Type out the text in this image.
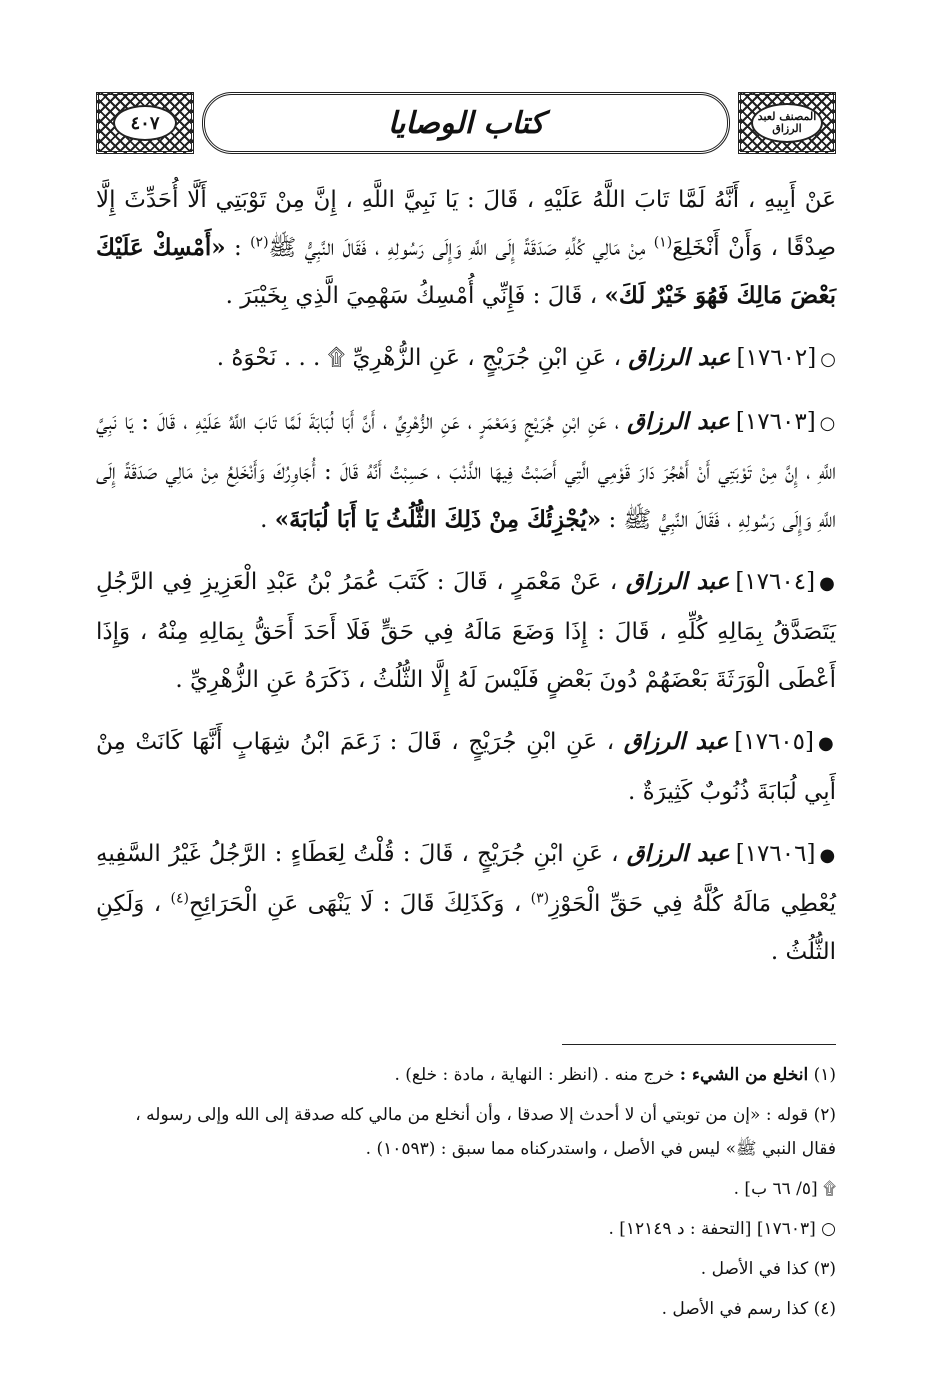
٤٠٧	كتاب الوصايا	المصنف لعبد الرزاق

عَنْ أَبِيهِ ، أَنَّهُ لَمَّا تَابَ اللَّهُ عَلَيْهِ ، قَالَ : يَا نَبِيَّ اللَّهِ ، إِنَّ مِنْ تَوْبَتِي أَلَّا أُحَدِّثَ إِلَّا صِدْقًا ، وَأَنْ أَنْخَلِعَ$^{(١)}$ مِنْ مَالِي كُلِّهِ صَدَقَةً إِلَى اللَّهِ وَإِلَى رَسُولِهِ ، فَقَالَ النَّبِيُّ ﷺ$^{(٢)}$ : «أَمْسِكْ عَلَيْكَ بَعْضَ مَالِكَ فَهُوَ خَيْرٌ لَكَ» ، قَالَ : فَإِنِّي أُمْسِكُ سَهْمِيَ الَّذِي بِخَيْبَرَ .

○[١٧٦٠٢]عبد الرزاق ، عَنِ ابْنِ جُرَيْجٍ ، عَنِ الزُّهْرِيِّ ۩ . . . نَحْوَهُ .

○[١٧٦٠٣]عبد الرزاق ، عَنِ ابْنِ جُرَيْجٍ وَمَعْمَرٍ ، عَنِ الزُّهْرِيِّ ، أَنَّ أَبَا لُبَابَةَ لَمَّا تَابَ اللَّهُ عَلَيْهِ ، قَالَ : يَا نَبِيَّ اللَّهِ ، إِنَّ مِنْ تَوْبَتِي أَنْ أَهْجُرَ دَارَ قَوْمِي الَّتِي أَصَبْتُ فِيهَا الذَّنْبَ ، حَسِبْتُ أَنَّهُ قَالَ : أُجَاوِرُكَ وَأَنْخَلِعُ مِنْ مَالِي صَدَقَةً إِلَى اللَّهِ وَإِلَى رَسُولِهِ ، فَقَالَ النَّبِيُّ ﷺ : «يُجْزِئُكَ مِنْ ذَلِكَ الثُّلُثُ يَا أَبَا لُبَابَةَ» .

●[١٧٦٠٤]عبد الرزاق ، عَنْ مَعْمَرٍ ، قَالَ : كَتَبَ عُمَرُ بْنُ عَبْدِ الْعَزِيزِ فِي الرَّجُلِ يَتَصَدَّقُ بِمَالِهِ كُلِّهِ ، قَالَ : إِذَا وَضَعَ مَالَهُ فِي حَقٍّ فَلَا أَحَدَ أَحَقُّ بِمَالِهِ مِنْهُ ، وَإِذَا أَعْطَى الْوَرَثَةَ بَعْضَهُمْ دُونَ بَعْضٍ فَلَيْسَ لَهُ إِلَّا الثُّلُثُ ، ذَكَرَهُ عَنِ الزُّهْرِيِّ .

●[١٧٦٠٥]عبد الرزاق ، عَنِ ابْنِ جُرَيْجٍ ، قَالَ : زَعَمَ ابْنُ شِهَابٍ أَنَّهَا كَانَتْ مِنْ أَبِي لُبَابَةَ ذُنُوبٌ كَثِيرَةٌ .

●[١٧٦٠٦]عبد الرزاق ، عَنِ ابْنِ جُرَيْجٍ ، قَالَ : قُلْتُ لِعَطَاءٍ : الرَّجُلُ غَيْرُ السَّفِيهِ يُعْطِي مَالَهُ كُلَّهُ فِي حَقِّ الْحَوْزِ$^{(٣)}$ ، وَكَذَلِكَ قَالَ : لَا يَنْهَى عَنِ الْحَرَائِحِ$^{(٤)}$ ، وَلَكِنِ الثُّلُثُ .

(١) انخلع من الشيء : خرج منه . (انظر : النهاية ، مادة : خلع) .

(٢) قوله : «إن من توبتي أن لا أحدث إلا صدقا ، وأن أنخلع من مالي كله صدقة إلى الله وإلى رسوله ، فقال النبي ﷺ» ليس في الأصل ، واستدركناه مما سبق : (١٠٥٩٣) .

۩ [٥/ ٦٦ ب] .

○ [١٧٦٠٣] [التحفة : د ١٢١٤٩] .

(٣) كذا في الأصل .

(٤) كذا رسم في الأصل .
